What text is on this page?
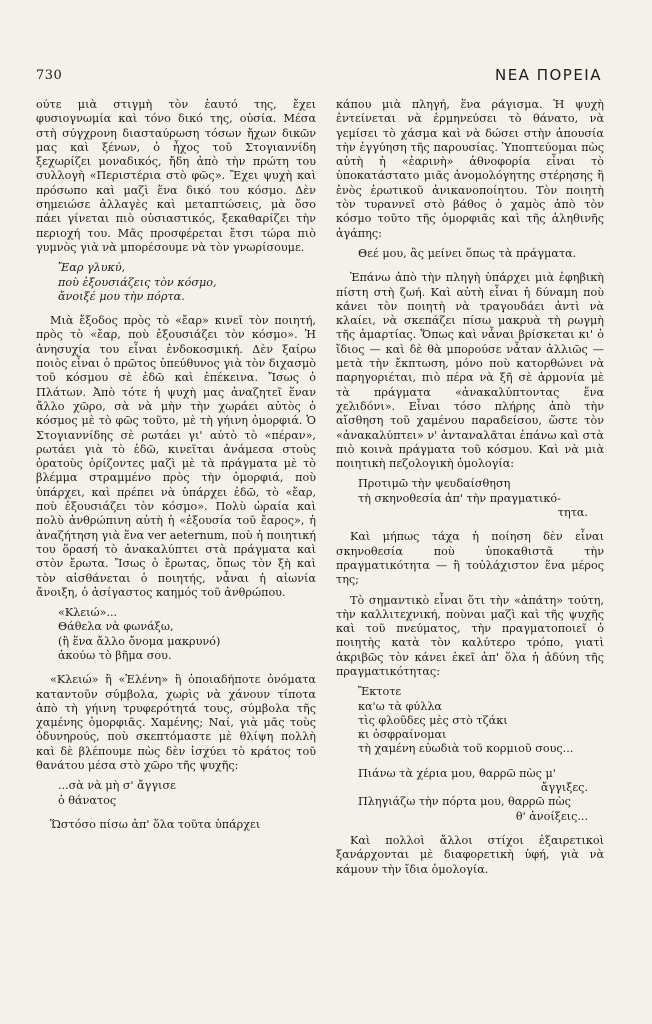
730	ΝΕΑ ΠΟΡΕΙΑ

ούτε μιὰ στιγμὴ τὸν ἑαυτό της, ἔχει φυσιογνωμία καὶ τόνο δικό της, οὐσία. Μέσα στὴ σύγχρονη διασταύρωση τόσων ἤχων δικῶν μας καὶ ξένων, ὁ ἦχος τοῦ Στογιαννίδη ξεχωρίζει μοναδικός, ἤδη ἀπὸ τὴν πρώτη του συλλογὴ «Περιστέρια στὸ φῶς». Ἔχει ψυχὴ καὶ πρόσωπο καὶ μαζὶ ἕνα δικό του κόσμο. Δὲν σημειώσε ἀλλαγὲς καὶ μεταπτώσεις, μὰ ὅσο πάει γίνεται πιὸ οὐσιαστικός, ξεκαθαρίζει τὴν περιοχή του. Μᾶς προσφέρεται ἔτσι τώρα πιὸ γυμνὸς γιὰ νὰ μπορέσουμε νὰ τὸν γνωρίσουμε.

Ἔαρ γλυκύ,
ποὺ ἐξουσιάζεις τὸν κόσμο,
ἄνοιξέ μου τὴν πόρτα.

Μιὰ ἔξοδος πρὸς τὸ «ἔαρ» κινεῖ τὸν ποιητή, πρὸς τὸ «ἔαρ, ποὺ ἐξουσιάζει τὸν κόσμο». Ἡ ἀνησυχία του εἶναι ἐνδοκοσμική. Δὲν ξαίρω ποιὸς εἶναι ὁ πρῶτος ὑπεύθυνος γιὰ τὸν διχασμὸ τοῦ κόσμου σὲ ἐδῶ καὶ ἐπέκεινα. Ἴσως ὁ Πλάτων. Ἀπὸ τότε ἡ ψυχὴ μας ἀναζητεῖ ἕναν ἄλλο χῶρο, σὰ νὰ μὴν τὴν χωράει αὐτὸς ὁ κόσμος μὲ τὸ φῶς τοῦτο, μὲ τὴ γήινη ὀμορφιά. Ὁ Στογιαννίδης σὲ ρωτάει γι' αὐτὸ τὸ «πέραν», ρωτάει γιὰ τὸ ἐδῶ, κινεῖται ἀνάμεσα στοὺς ὁρατοὺς ὁρίζοντες μαζὶ μὲ τὰ πράγματα μὲ τὸ βλέμμα στραμμένο πρὸς τὴν ὀμορφιά, ποὺ ὑπάρχει, καὶ πρέπει νὰ ὑπάρχει ἐδῶ, τὸ «ἔαρ, ποὺ ἐξουσιάζει τὸν κόσμο». Πολὺ ὡραία καὶ πολὺ ἀνθρώπινη αὐτὴ ἡ «ἐξουσία τοῦ ἔαρος», ἡ ἀναζήτηση γιὰ ἕνα ver aeternum, ποὺ ἡ ποιητική του ὅρασή τὸ ἀνακαλύπτει στὰ πράγματα καὶ στὸν ἔρωτα. Ἴσως ὁ ἔρωτας, ὅπως τὸν ξὴ καὶ τὸν αἰσθάνεται ὁ ποιητής, νἆναι ἡ αἰωνία ἄνοιξη, ὁ ἀσίγαστος καημός τοῦ ἀνθρώπου.

«Κλειώ»...
Θάθελα νὰ φωνάξω,
(ἢ ἕνα ἄλλο ὄνομα μακρυνό)
ἀκούω τὸ βῆμα σου.

«Κλειώ» ἢ «Ἑλένη» ἢ ὁποιαδήποτε ὀνόματα καταντοῦν σύμβολα, χωρὶς νὰ χάνουν τίποτα ἀπὸ τὴ γήινη τρυφερότητά τους, σύμβολα τῆς χαμένης ὀμορφιᾶς. Χαμένης; Ναί, γιὰ μᾶς τοὺς ὀδυνηρούς, ποὺ σκεπτόμαστε μὲ θλίψη πολλὴ καὶ δὲ βλέπουμε πὼς δὲν ἰσχύει τὸ κράτος τοῦ θανάτου μέσα στὸ χῶρο τῆς ψυχῆς:

...σὰ νὰ μὴ σ' ἄγγισε
ὁ θάνατος

Ὥστόσο πίσω ἀπ' ὅλα τοῦτα ὑπάρχει

κάπου μιὰ πληγή, ἕνα ράγισμα. Ἡ ψυχὴ ἐντείνεται νὰ ἑρμηνεύσει τὸ θάνατο, νὰ γεμίσει τὸ χάσμα καὶ νὰ δώσει στὴν ἀπουσία τὴν ἐγγύηση τῆς παρουσίας. Ὑποπτεύομαι πὼς αὐτὴ ἡ «ἐαρινὴ» ἀθνοφορία εἶναι τὸ ὑποκατάστατο μιᾶς ἀνομολόγητης στέρησης ἢ ἑνὸς ἐρωτικοῦ ἀνικανοποίητου. Τὸν ποιητὴ τὸν τυραννεῖ στὸ βάθος ὁ χαμὸς ἀπὸ τὸν κόσμο τοῦτο τῆς ὁμορφιᾶς καὶ τῆς ἀληθινῆς ἀγάπης:

Θεέ μου, ἂς μείνει ὅπως τὰ πράγματα.

Ἐπάνω ἀπὸ τὴν πληγὴ ὑπάρχει μιὰ ἐφηβικὴ πίστη στὴ ζωή. Καὶ αὐτὴ εἶναι ἡ δύναμη ποὺ κάνει τὸν ποιητὴ νὰ τραγουδάει ἀντὶ νὰ κλαίει, νὰ σκεπάζει πίσω μακρυὰ τὴ ρωγμὴ τῆς ἁμαρτίας. Ὅπως καὶ νἆναι βρίσκεται κι' ὁ ἴδιος — καὶ δὲ θὰ μπορούσε νἆταν ἀλλιῶς — μετὰ τὴν ἔκπτωση, μόνο ποὺ κατορθώνει νὰ παρηγοριέται, πιὸ πέρα νὰ ξῆ σὲ ἁρμονία μὲ τὰ πράγματα «ἀνακαλύπτοντας ἕνα χελιδόνι». Εἶναι τόσο πλήρης ἀπὸ τὴν αἴσθηση τοῦ χαμένου παραδείσου, ὥστε τὸν «ἀνακαλύπτει» ν' ἀνταναλᾶται ἐπάνω καὶ στὰ πιὸ κοινὰ πράγματα τοῦ κόσμου. Καὶ νὰ μιὰ ποιητικὴ πεζολογικὴ ὁμολογία:

Προτιμῶ τὴν ψευδαίσθηση
τὴ σκηνοθεσία ἀπ' τὴν πραγματικό-
τητα.

Καὶ μήπως τάχα ἡ ποίηση δὲν εἶναι σκηνοθεσία ποὺ ὑποκαθιστᾶ τὴν πραγματικότητα — ἢ τοὐλάχιστον ἕνα μέρος της;

Τὸ σημαντικὸ εἶναι ὅτι τὴν «ἀπάτη» τούτη, τὴν καλλιτεχνική, ποὺναι μαζὶ καὶ τῆς ψυχῆς καὶ τοῦ πνεύματος, τὴν πραγματοποιεῖ ὁ ποιητὴς κατὰ τὸν καλύτερο τρόπο, γιατὶ ἀκριβῶς τὸν κάνει ἐκεῖ ἀπ' ὅλα ἡ ἀδύνη τῆς πραγματικότητας:

Ἔκτοτε
κα'ω τὰ φύλλα
τὶς φλοῦδες μὲς στὸ τζάκι
κι ὀσφραίνομαι
τὴ χαμένη εὐωδιὰ τοῦ κορμιοῦ σους...
Πιάνω τὰ χέρια μου, θαρρῶ πὼς μ'
ἄγγιξες.
Πληγιάζω τὴν πόρτα μου, θαρρῶ πὼς
θ' ἀνοίξεις...

Καὶ πολλοὶ ἄλλοι στίχοι ἐξαιρετικοὶ ξανάρχονται μὲ διαφορετικὴ ὑφή, γιὰ νὰ κάμουν τὴν ἴδια ὁμολογία.
